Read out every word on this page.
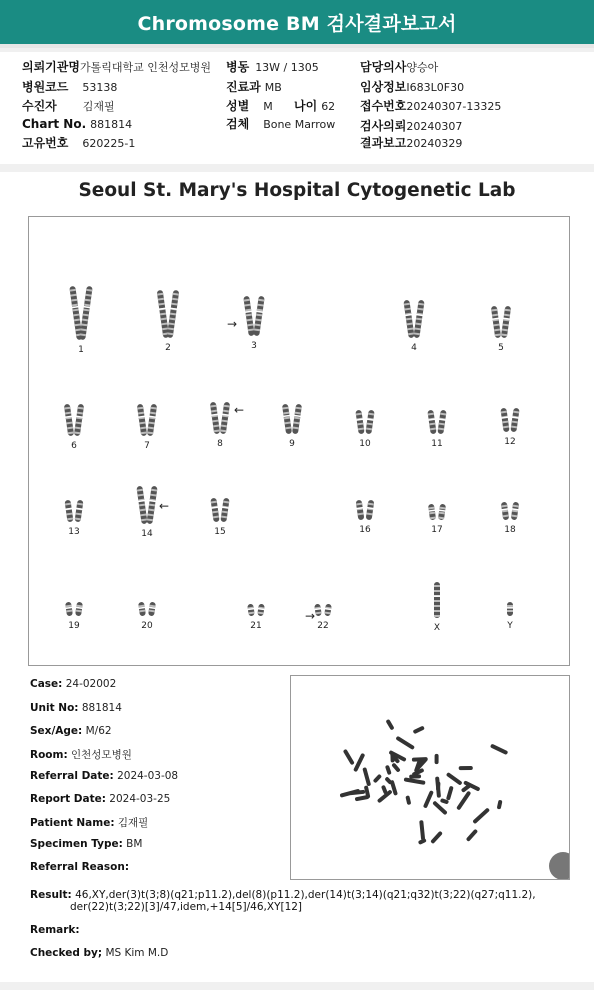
Chromosome BM 검사결과보고서
의뢰기관명가톨릭대학교 인천성모병원 병동 13W / 1305	담당의사양승아
병원코드 53138	진료과 MB	임상정보I683L0F30
수진자 김재필	성별 M 나이 62 접수번호20240307-13325
Chart No. 881814	검체 Bone Marrow 검사의뢰20240307
고유번호 620225-1	결과보고20240329
Seoul St. Mary's Hospital Cytogenetic Lab
1	2	3	4	5
6	7	8	9	10	11	12
13	14	15	16	17	18
19	20	21	22	X	Y
→
←
←
→
Case: 24-02002
Unit No: 881814
Sex/Age: M/62
Room: 인천성모병원
Referral Date: 2024-03-08
Report Date: 2024-03-25
Patient Name: 김재필
Specimen Type: BM
Referral Reason:
Result: 46,XY,der(3)t(3;8)(q21;p11.2),del(8)(p11.2),der(14)t(3;14)(q21;q32)t(3;22)(q27;q11.2),
der(22)t(3;22)[3]/47,idem,+14[5]/46,XY[12]
Remark:
Checked by; MS Kim M.D
